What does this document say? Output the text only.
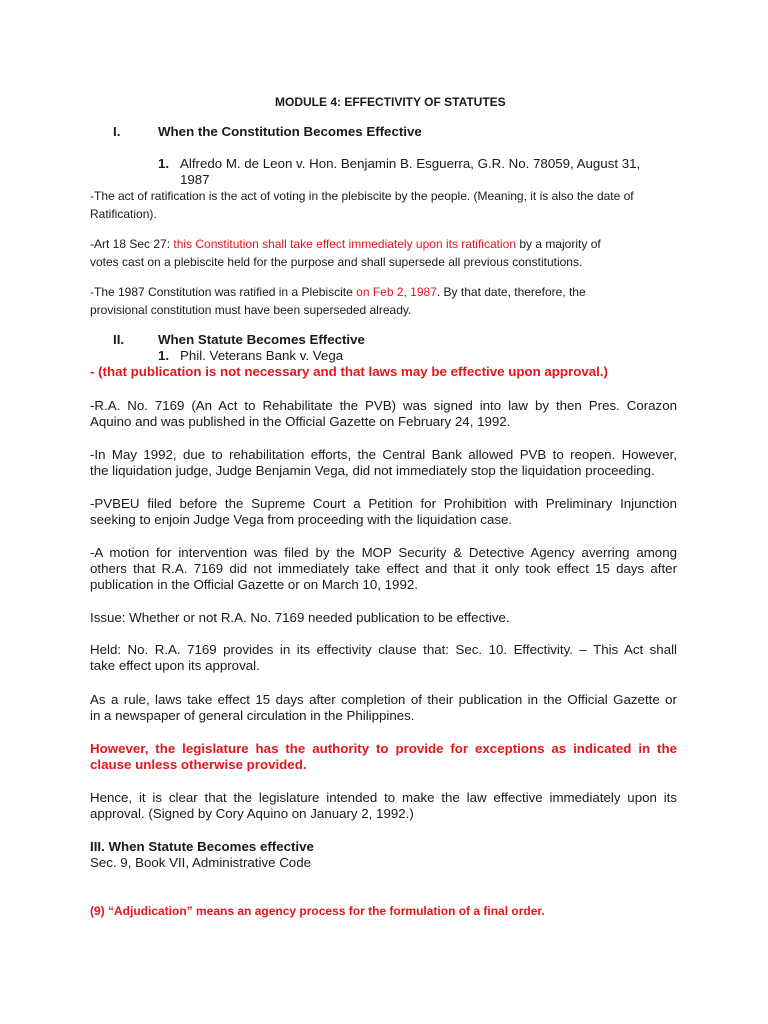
MODULE 4: EFFECTIVITY OF STATUTES
I.	When the Constitution Becomes Effective
1. Alfredo M. de Leon v. Hon. Benjamin B. Esguerra, G.R. No. 78059, August 31,
1987
-The act of ratification is the act of voting in the plebiscite by the people. (Meaning, it is also the date of
Ratification).
-Art 18 Sec 27: this Constitution shall take effect immediately upon its ratification by a majority of
votes cast on a plebiscite held for the purpose and shall supersede all previous constitutions.
-The 1987 Constitution was ratified in a Plebiscite on Feb 2, 1987. By that date, therefore, the
provisional constitution must have been superseded already.
II.	When Statute Becomes Effective
1. Phil. Veterans Bank v. Vega
- (that publication is not necessary and that laws may be effective upon approval.)
-R.A. No. 7169 (An Act to Rehabilitate the PVB) was signed into law by then Pres. Corazon
Aquino and was published in the Official Gazette on February 24, 1992.
-In May 1992, due to rehabilitation efforts, the Central Bank allowed PVB to reopen. However,
the liquidation judge, Judge Benjamin Vega, did not immediately stop the liquidation proceeding.
-PVBEU filed before the Supreme Court a Petition for Prohibition with Preliminary Injunction
seeking to enjoin Judge Vega from proceeding with the liquidation case.
-A motion for intervention was filed by the MOP Security & Detective Agency averring among
others that R.A. 7169 did not immediately take effect and that it only took effect 15 days after
publication in the Official Gazette or on March 10, 1992.
Issue: Whether or not R.A. No. 7169 needed publication to be effective.
Held: No. R.A. 7169 provides in its effectivity clause that: Sec. 10. Effectivity. – This Act shall
take effect upon its approval.
As a rule, laws take effect 15 days after completion of their publication in the Official Gazette or
in a newspaper of general circulation in the Philippines.
However, the legislature has the authority to provide for exceptions as indicated in the
clause unless otherwise provided.
Hence, it is clear that the legislature intended to make the law effective immediately upon its
approval. (Signed by Cory Aquino on January 2, 1992.)
III. When Statute Becomes effective
Sec. 9, Book VII, Administrative Code
(9) “Adjudication” means an agency process for the formulation of a final order.
